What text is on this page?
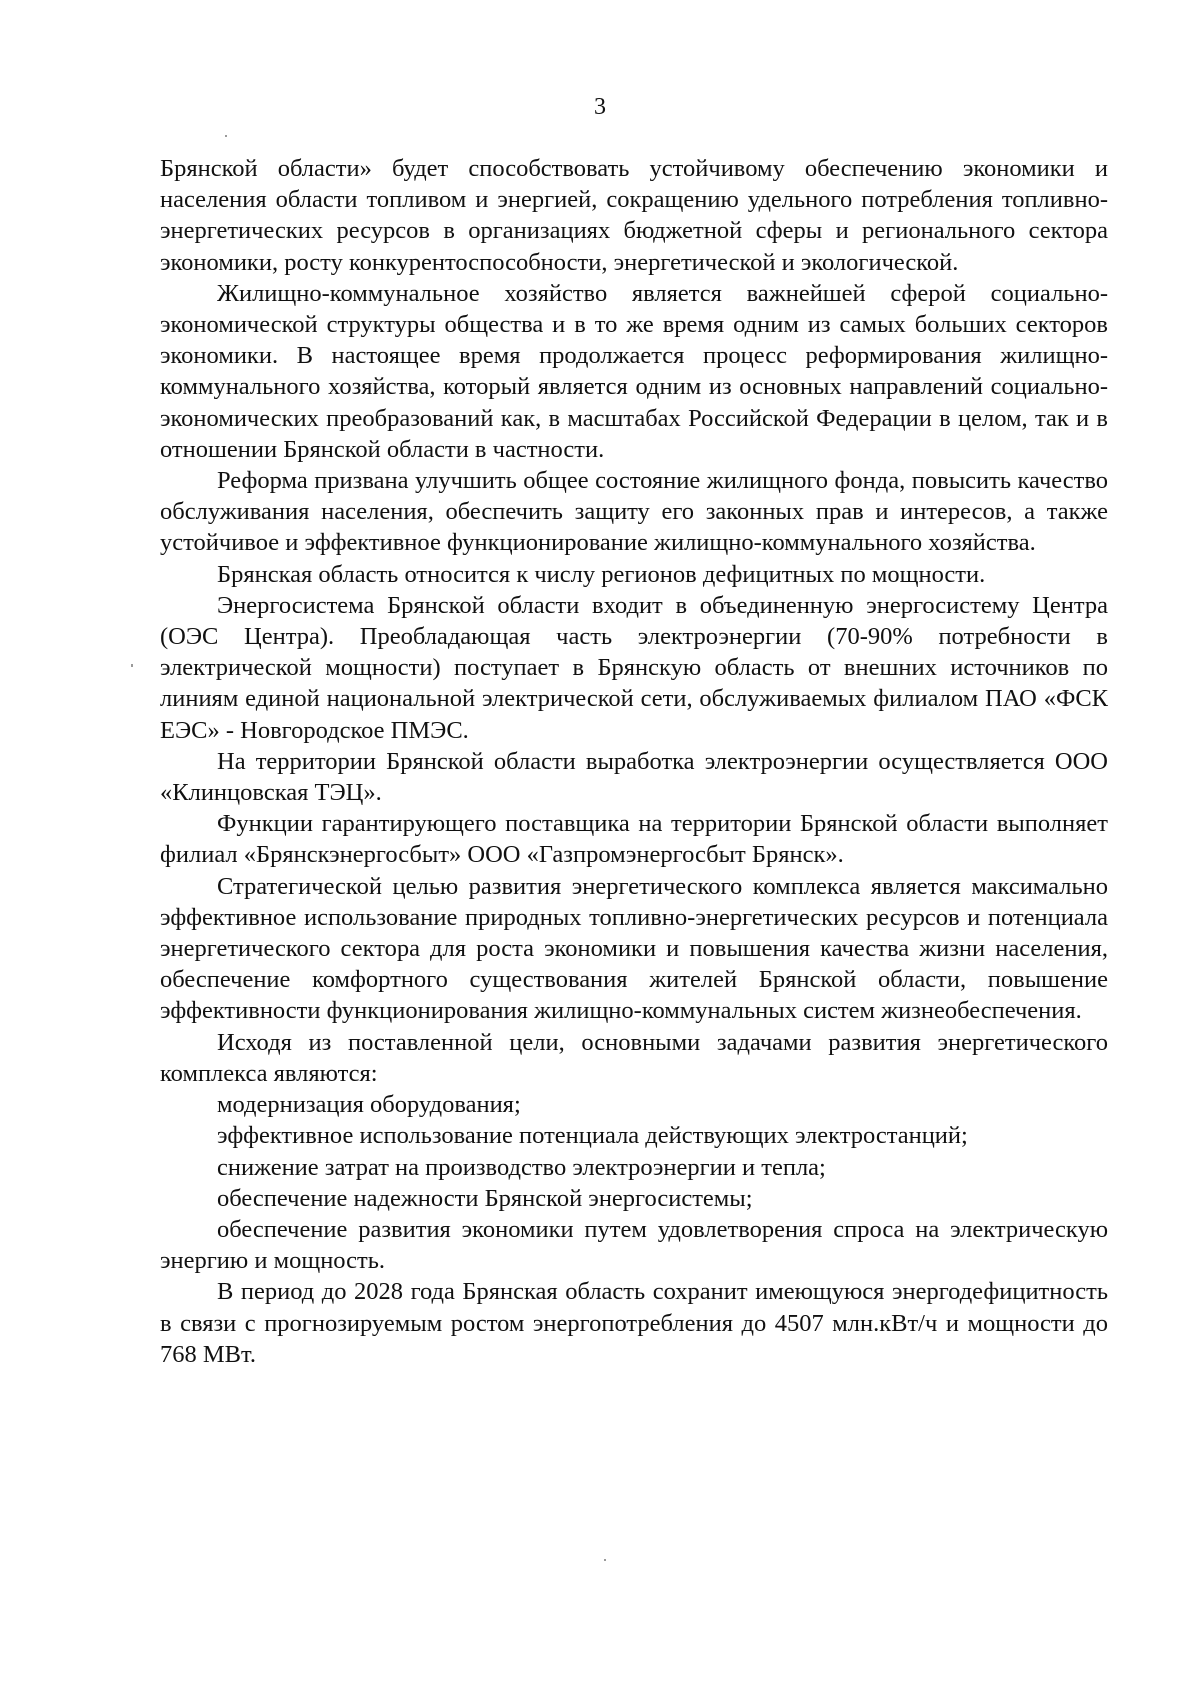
3

Брянской области» будет способствовать устойчивому обеспечению экономики и населения области топливом и энергией, сокращению удельного потребления топливно-энергетических ресурсов в организациях бюджетной сферы и регионального сектора экономики, росту конкурентоспособности, энергетической и экологической.

Жилищно-коммунальное хозяйство является важнейшей сферой социально-экономической структуры общества и в то же время одним из самых больших секторов экономики. В настоящее время продолжается процесс реформирования жилищно-коммунального хозяйства, который является одним из основных направлений социально-экономических преобразований как, в масштабах Российской Федерации в целом, так и в отношении Брянской области в частности.

Реформа призвана улучшить общее состояние жилищного фонда, повысить качество обслуживания населения, обеспечить защиту его законных прав и интересов, а также устойчивое и эффективное функционирование жилищно-коммунального хозяйства.

Брянская область относится к числу регионов дефицитных по мощности.

Энергосистема Брянской области входит в объединенную энергосистему Центра (ОЭС Центра). Преобладающая часть электроэнергии (70-90% потребности в электрической мощности) поступает в Брянскую область от внешних источников по линиям единой национальной электрической сети, обслуживаемых филиалом ПАО «ФСК ЕЭС» - Новгородское ПМЭС.

На территории Брянской области выработка электроэнергии осуществляется ООО «Клинцовская ТЭЦ».

Функции гарантирующего поставщика на территории Брянской области выполняет филиал «Брянскэнергосбыт» ООО «Газпромэнергосбыт Брянск».

Стратегической целью развития энергетического комплекса является максимально эффективное использование природных топливно-энергетических ресурсов и потенциала энергетического сектора для роста экономики и повышения качества жизни населения, обеспечение комфортного существования жителей Брянской области, повышение эффективности функционирования жилищно-коммунальных систем жизнеобеспечения.

Исходя из поставленной цели, основными задачами развития энергетического комплекса являются:

модернизация оборудования;

эффективное использование потенциала действующих электростанций;

снижение затрат на производство электроэнергии и тепла;

обеспечение надежности Брянской энергосистемы;

обеспечение развития экономики путем удовлетворения спроса на электрическую энергию и мощность.

В период до 2028 года Брянская область сохранит имеющуюся энергодефицитность в связи с прогнозируемым ростом энергопотребления до 4507 млн.кВт/ч и мощности до 768 МВт.
